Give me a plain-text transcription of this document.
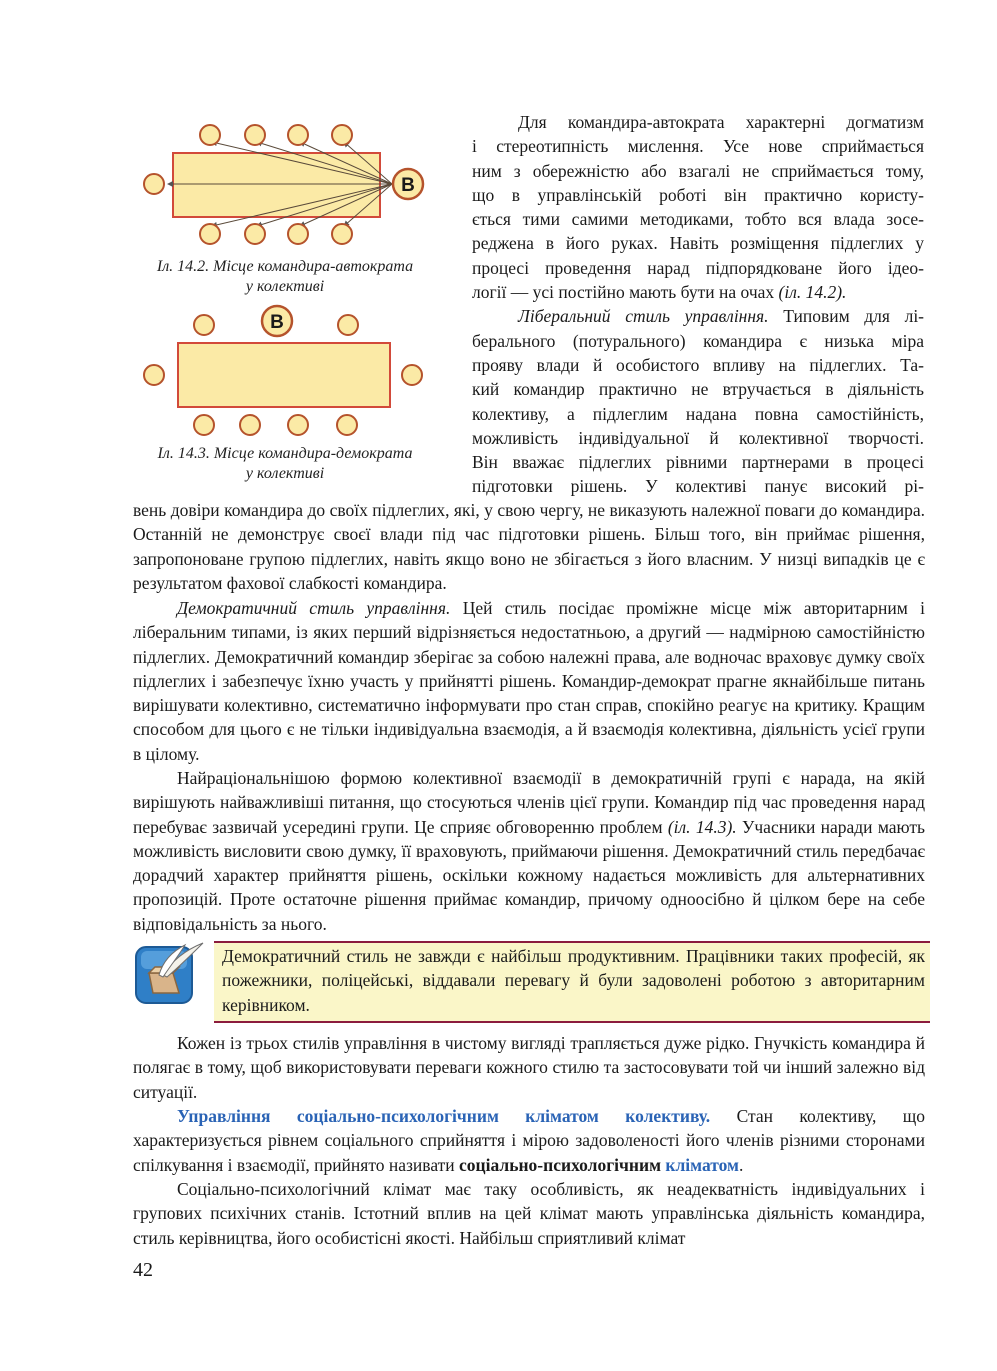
В
Іл. 14.2. Місце командира-автократа
у колективі
В
Іл. 14.3. Місце командира-демократа
у колективі
Для командира-автократа характерні догматизм
і стереотипність мислення. Усе нове сприймається
ним з обережністю або взагалі не сприймається тому,
що в управлінській роботі він практично користу-
ється тими самими методиками, тобто вся влада зосе-
реджена в його руках. Навіть розміщення підлеглих у
процесі проведення нарад підпорядковане його ідео-
логії — усі постійно мають бути на очах (іл. 14.2).
Ліберальний стиль управління. Типовим для лі-
берального (потурального) командира є низька міра
прояву влади й особистого впливу на підлеглих. Та-
кий командир практично не втручається в діяльність
колективу, а підлеглим надана повна самостійність,
можливість індивідуальної й колективної творчості.
Він вважає підлеглих рівними партнерами в процесі
підготовки рішень. У колективі панує високий рі-

вень довіри командира до своїх підлеглих, які, у свою чергу, не виказують належної поваги до командира. Останній не демонструє своєї влади під час підготовки рішень. Більш того, він приймає рішення, запропоноване групою підлеглих, навіть якщо воно не збігається з його власним. У низці випадків це є результатом фахової слабкості командира.

Демократичний стиль управління. Цей стиль посідає проміжне місце між авторитарним і ліберальним типами, із яких перший відрізняється недостатньою, а другий — надмірною самостійністю підлеглих. Демократичний командир зберігає за собою належні права, але водночас враховує думку своїх підлеглих і забезпечує їхню участь у прийнятті рішень. Командир-демократ прагне якнайбільше питань вирішувати колективно, систематично інформувати про стан справ, спокійно реагує на критику. Кращим способом для цього є не тільки індивідуальна взаємодія, а й взаємодія колективна, діяльність усієї групи в цілому.

Найраціональнішою формою колективної взаємодії в демократичній групі є нарада, на якій вирішують найважливіші питання, що стосуються членів цієї групи. Командир під час проведення нарад перебуває зазвичай усередині групи. Це сприяє обговоренню проблем (іл. 14.3). Учасники наради мають можливість висловити свою думку, її враховують, приймаючи рішення. Демократичний стиль передбачає дорадчий характер прийняття рішень, оскільки кожному надається можливість для альтернативних пропозицій. Проте остаточне рішення приймає командир, причому одноосібно й цілком бере на себе відповідальність за нього.

Демократичний стиль не завжди є найбільш продуктивним. Працівники таких професій, як пожежники, поліцейські, віддавали перевагу й були задоволені роботою з авторитарним керівником.

Кожен із трьох стилів управління в чистому вигляді трапляється дуже рідко. Гнучкість командира й полягає в тому, щоб використовувати переваги кожного стилю та застосовувати той чи інший залежно від ситуації.

Управління соціально-психологічним кліматом колективу. Стан колективу, що характеризується рівнем соціального сприйняття і мірою задоволеності його членів різними сторонами спілкування і взаємодії, прийнято називати соціально-психологічним кліматом.

Соціально-психологічний клімат має таку особливість, як неадекватність індивідуальних і групових психічних станів. Істотний вплив на цей клімат мають управлінська діяльність командира, стиль керівництва, його особистісні якості. Найбільш сприятливий клімат

42
